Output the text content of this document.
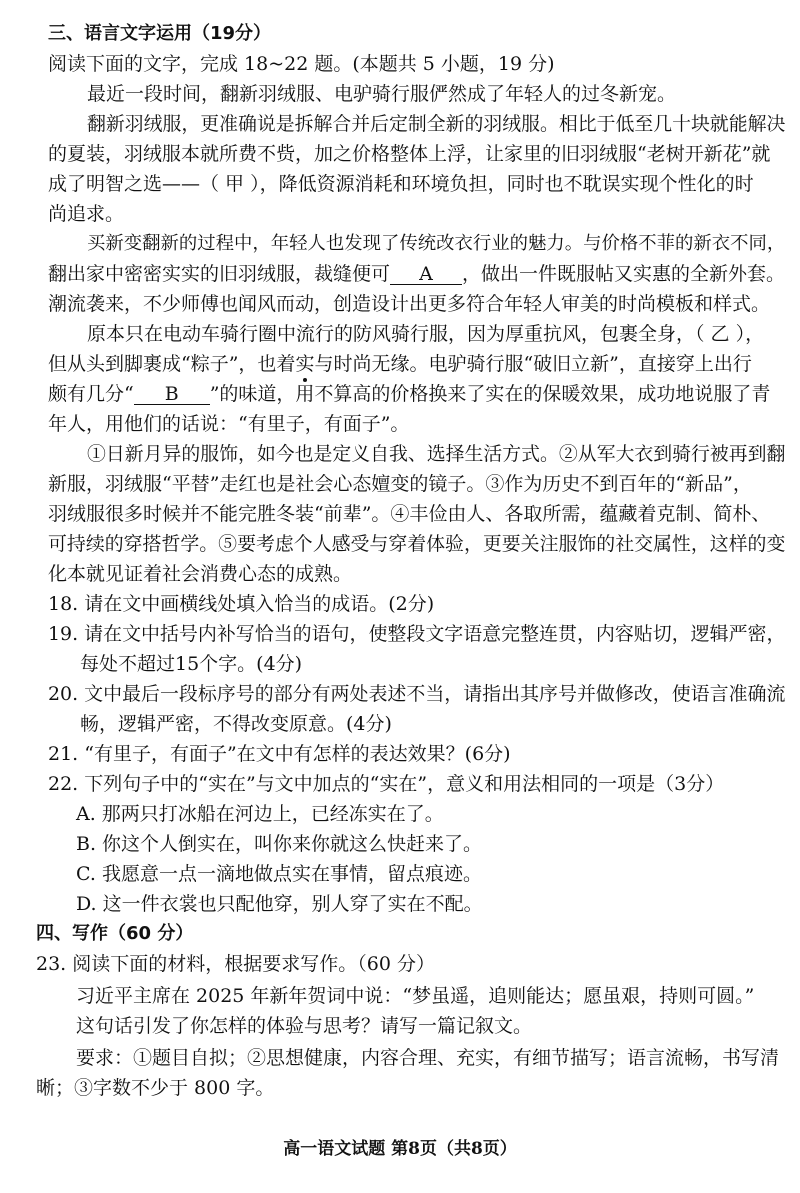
三、语言文字运用（19分）
阅读下面的文字，完成 18~22 题。(本题共 5 小题，19 分)
最近一段时间，翻新羽绒服、电驴骑行服俨然成了年轻人的过冬新宠。
翻新羽绒服，更准确说是拆解合并后定制全新的羽绒服。相比于低至几十块就能解决
的夏装，羽绒服本就所费不赀，加之价格整体上浮，让家里的旧羽绒服“老树开新花”就
成了明智之选——（ 甲 ），降低资源消耗和环境负担，同时也不耽误实现个性化的时
尚追求。
买新变翻新的过程中，年轻人也发现了传统改衣行业的魅力。与价格不菲的新衣不同，
翻出家中密密实实的旧羽绒服，裁缝便可 A ，做出一件既服帖又实惠的全新外套。
潮流袭来，不少师傅也闻风而动，创造设计出更多符合年轻人审美的时尚模板和样式。
原本只在电动车骑行圈中流行的防风骑行服，因为厚重抗风，包裹全身，（ 乙 ），
但从头到脚裹成“粽子”，也着实
与时尚无缘。电驴骑行服“破旧立新”，直接穿上出行
颇有几分“ B ”的味道，用不算高的价格换来了实在的保暖效果，成功地说服了青
年人，用他们的话说：“有里子，有面子”。
①日新月异的服饰，如今也是定义自我、选择生活方式。②从军大衣到骑行被再到翻
新服，羽绒服“平替”走红也是社会心态嬗变的镜子。③作为历史不到百年的“新品”，
羽绒服很多时候并不能完胜冬装“前辈”。④丰俭由人、各取所需，蕴藏着克制、简朴、
可持续的穿搭哲学。⑤要考虑个人感受与穿着体验，更要关注服饰的社交属性，这样的变
化本就见证着社会消费心态的成熟。
18. 请在文中画横线处填入恰当的成语。(2分)
19. 请在文中括号内补写恰当的语句，使整段文字语意完整连贯，内容贴切，逻辑严密，
每处不超过15个字。(4分)
20. 文中最后一段标序号的部分有两处表述不当，请指出其序号并做修改，使语言准确流
畅，逻辑严密，不得改变原意。(4分)
21. “有里子，有面子”在文中有怎样的表达效果？(6分)
22. 下列句子中的“实在”与文中加点的“实在”，意义和用法相同的一项是（3分）
A. 那两只打冰船在河边上，已经冻实在了。
B. 你这个人倒实在，叫你来你就这么快赶来了。
C. 我愿意一点一滴地做点实在事情，留点痕迹。
D. 这一件衣裳也只配他穿，别人穿了实在不配。
四、写作（60 分）
23. 阅读下面的材料，根据要求写作。（60 分）
习近平主席在 2025 年新年贺词中说：“梦虽遥，追则能达；愿虽艰，持则可圆。”
这句话引发了你怎样的体验与思考？请写一篇记叙文。
要求：①题目自拟；②思想健康，内容合理、充实，有细节描写；语言流畅，书写清
晰；③字数不少于 800 字。
高一语文试题 第8页（共8页）
